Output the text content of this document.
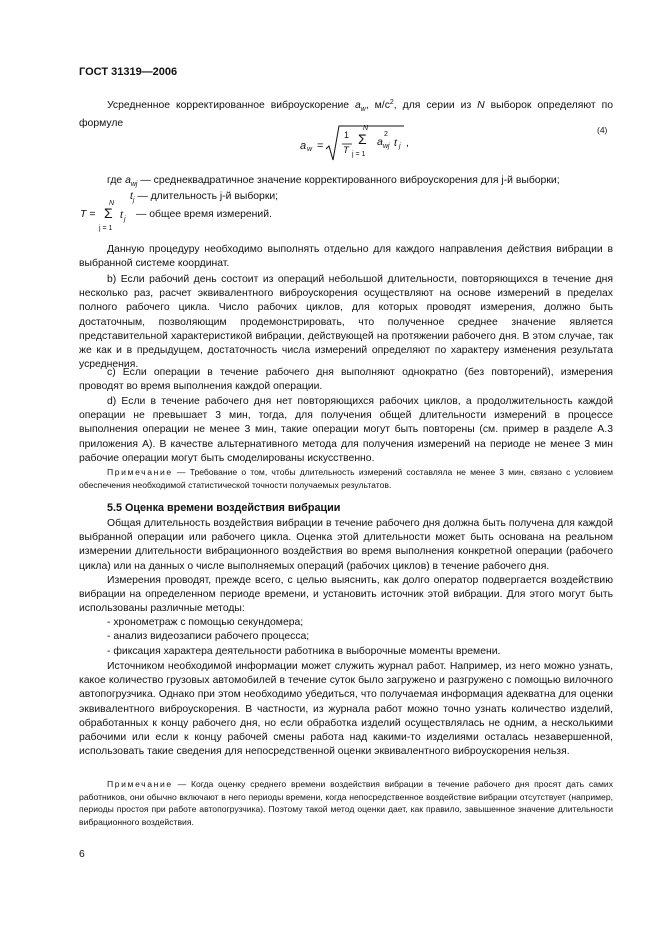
ГОСТ 31319—2006
Усредненное корректированное виброускорение $a_w$, $м/с^2$, для серии из N выборок определяют по формуле
a w =
1
T
N
Σ
j = 1
a
2
wj t j ,
(4)
где $a_{wj}$ — среднеквадратичное значение корректированного виброускорения для j-й выборки;
$t_j$ — длительность j-й выборки;
T =
N
Σ
j = 1
t j — общее время измерений.
Данную процедуру необходимо выполнять отдельно для каждого направления действия вибрации в выбранной системе координат.
b) Если рабочий день состоит из операций небольшой длительности, повторяющихся в течение дня несколько раз, расчет эквивалентного виброускорения осуществляют на основе измерений в пределах полного рабочего цикла. Число рабочих циклов, для которых проводят измерения, должно быть достаточным, позволяющим продемонстрировать, что полученное среднее значение является представительной характеристикой вибрации, действующей на протяжении рабочего дня. В этом случае, так же как и в предыдущем, достаточность числа измерений определяют по характеру изменения результата усреднения.
c) Если операции в течение рабочего дня выполняют однократно (без повторений), измерения проводят во время выполнения каждой операции.
d) Если в течение рабочего дня нет повторяющихся рабочих циклов, а продолжительность каждой операции не превышает 3 мин, тогда, для получения общей длительности измерений в процессе выполнения операции не менее 3 мин, такие операции могут быть повторены (см. пример в разделе А.3 приложения А). В качестве альтернативного метода для получения измерений на периоде не менее 3 мин рабочие операции могут быть смоделированы искусственно.
Примечание — Требование о том, чтобы длительность измерений составляла не менее 3 мин, связано с условием обеспечения необходимой статистической точности получаемых результатов.
5.5 Оценка времени воздействия вибрации
Общая длительность воздействия вибрации в течение рабочего дня должна быть получена для каждой выбранной операции или рабочего цикла. Оценка этой длительности может быть основана на реальном измерении длительности вибрационного воздействия во время выполнения конкретной операции (рабочего цикла) или на данных о числе выполняемых операций (рабочих циклов) в течение рабочего дня.
Измерения проводят, прежде всего, с целью выяснить, как долго оператор подвергается воздействию вибрации на определенном периоде времени, и установить источник этой вибрации. Для этого могут быть использованы различные методы:
- хронометраж с помощью секундомера;
- анализ видеозаписи рабочего процесса;
- фиксация характера деятельности работника в выборочные моменты времени.
Источником необходимой информации может служить журнал работ. Например, из него можно узнать, какое количество грузовых автомобилей в течение суток было загружено и разгружено с помощью вилочного автопогрузчика. Однако при этом необходимо убедиться, что получаемая информация адекватна для оценки эквивалентного виброускорения. В частности, из журнала работ можно точно узнать количество изделий, обработанных к концу рабочего дня, но если обработка изделий осуществлялась не одним, а несколькими рабочими или если к концу рабочей смены работа над какими-то изделиями осталась незавершенной, использовать такие сведения для непосредственной оценки эквивалентного виброускорения нельзя.
Примечание — Когда оценку среднего времени воздействия вибрации в течение рабочего дня просят дать самих работников, они обычно включают в него периоды времени, когда непосредственное воздействие вибрации отсутствует (например, периоды простоя при работе автопогрузчика). Поэтому такой метод оценки дает, как правило, завышенное значение длительности вибрационного воздействия.
6
